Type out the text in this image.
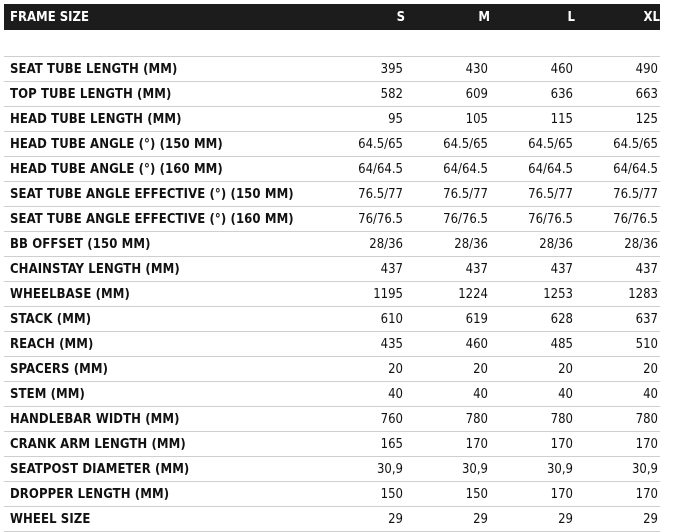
FRAME SIZE	S	M	L	XL
SEAT TUBE LENGTH (MM)	395	430	460	490
TOP TUBE LENGTH (MM)	582	609	636	663
HEAD TUBE LENGTH (MM)	95	105	115	125
HEAD TUBE ANGLE (°) (150 MM)	64.5/65	64.5/65	64.5/65	64.5/65
HEAD TUBE ANGLE (°) (160 MM)	64/64.5	64/64.5	64/64.5	64/64.5
SEAT TUBE ANGLE EFFECTIVE (°) (150 MM)	76.5/77	76.5/77	76.5/77	76.5/77
SEAT TUBE ANGLE EFFECTIVE (°) (160 MM)	76/76.5	76/76.5	76/76.5	76/76.5
BB OFFSET (150 MM)	28/36	28/36	28/36	28/36
CHAINSTAY LENGTH (MM)	437	437	437	437
WHEELBASE (MM)	1195	1224	1253	1283
STACK (MM)	610	619	628	637
REACH (MM)	435	460	485	510
SPACERS (MM)	20	20	20	20
STEM (MM)	40	40	40	40
HANDLEBAR WIDTH (MM)	760	780	780	780
CRANK ARM LENGTH (MM)	165	170	170	170
SEATPOST DIAMETER (MM)	30,9	30,9	30,9	30,9
DROPPER LENGTH (MM)	150	150	170	170
WHEEL SIZE	29	29	29	29
